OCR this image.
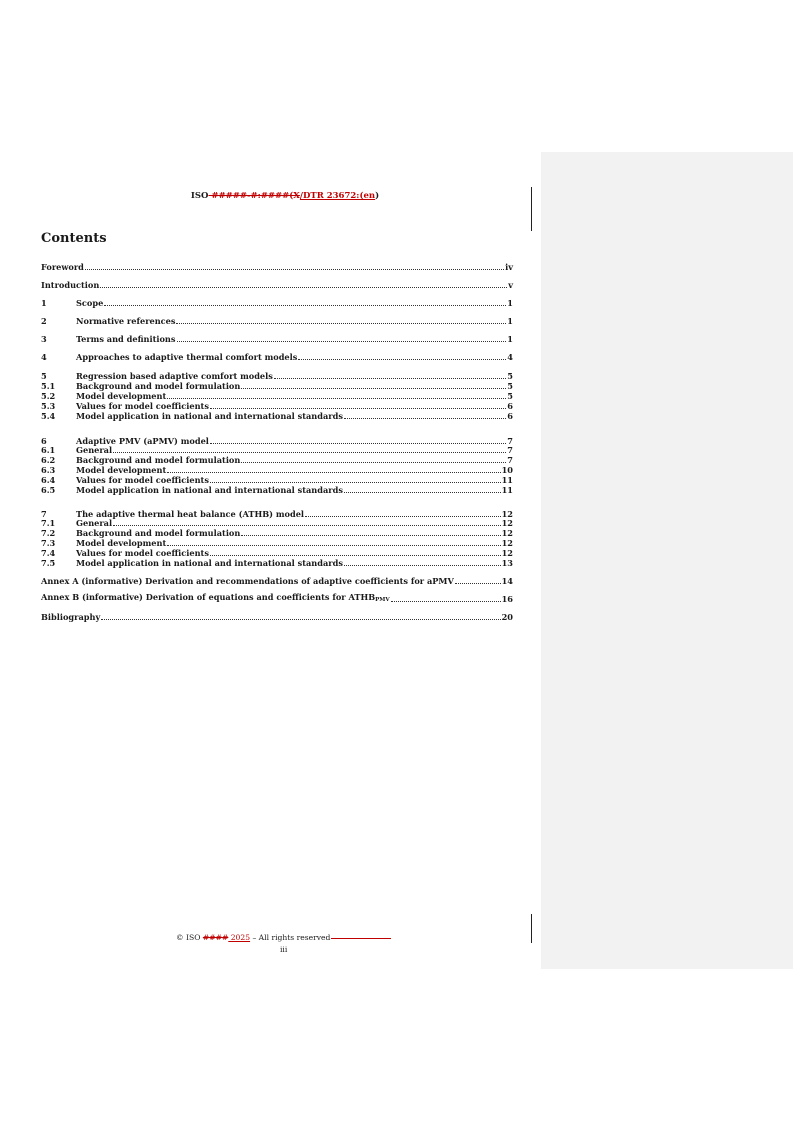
ISO #####-#:####(X/DTR 23672:(en)
Contents
Foreword	iv
Introduction	v
1	Scope	1
2	Normative references	1
3	Terms and definitions	1
4	Approaches to adaptive thermal comfort models	4
5	Regression based adaptive comfort models	5
5.1	Background and model formulation	5
5.2	Model development	5
5.3	Values for model coefficients	6
5.4	Model application in national and international standards	6
6	Adaptive PMV (aPMV) model	7
6.1	General	7
6.2	Background and model formulation	7
6.3	Model development	10
6.4	Values for model coefficients	11
6.5	Model application in national and international standards	11
7	The adaptive thermal heat balance (ATHB) model	12
7.1	General	12
7.2	Background and model formulation	12
7.3	Model development	12
7.4	Values for model coefficients	12
7.5	Model application in national and international standards	13
Annex A (informative) Derivation and recommendations of adaptive coefficients for aPMV	14
Annex B (informative) Derivation of equations and coefficients for $ATHB_{PMV}$	16
Bibliography	20
© ISO #### 2025 – All rights reserved
iii
